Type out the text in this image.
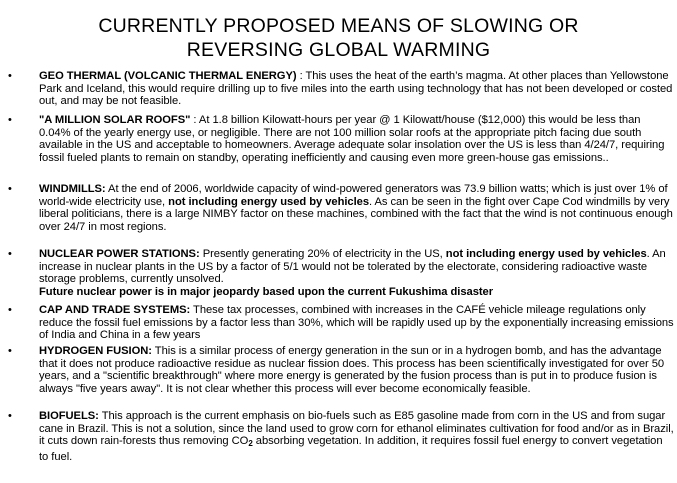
CURRENTLY PROPOSED MEANS OF SLOWING OR
REVERSING GLOBAL WARMING
• GEO THERMAL (VOLCANIC THERMAL ENERGY) : This uses the heat of the earth’s magma. At other places than Yellowstone Park and Iceland, this would require drilling up to five miles into the earth using technology that has not been developed or costed out, and may be not feasible.
• "A MILLION SOLAR ROOFS" : At 1.8 billion Kilowatt-hours per year @ 1 Kilowatt/house ($12,000) this would be less than 0.04% of the yearly energy use, or negligible. There are not 100 million solar roofs at the appropriate pitch facing due south available in the US and acceptable to homeowners. Average adequate solar insolation over the US is less than 4/24/7, requiring fossil fueled plants to remain on standby, operating inefficiently and causing even more green-house gas emissions..
• WINDMILLS: At the end of 2006, worldwide capacity of wind-powered generators was 73.9 billion watts; which is just over 1% of world-wide electricity use, not including energy used by vehicles. As can be seen in the fight over Cape Cod windmills by very liberal politicians, there is a large NIMBY factor on these machines, combined with the fact that the wind is not continuous enough over 24/7 in most regions.
• NUCLEAR POWER STATIONS: Presently generating 20% of electricity in the US, not including energy used by vehicles. An increase in nuclear plants in the US by a factor of 5/1 would not be tolerated by the electorate, considering radioactive waste storage problems, currently unsolved.
Future nuclear power is in major jeopardy based upon the current Fukushima disaster
• CAP AND TRADE SYSTEMS: These tax processes, combined with increases in the CAFÉ vehicle mileage regulations only reduce the fossil fuel emissions by a factor less than 30%, which will be rapidly used up by the exponentially increasing emissions of India and China in a few years
• HYDROGEN FUSION: This is a similar process of energy generation in the sun or in a hydrogen bomb, and has the advantage that it does not produce radioactive residue as nuclear fission does. This process has been scientifically investigated for over 50 years, and a "scientific breakthrough" where more energy is generated by the fusion process than is put in to produce fusion is always "five years away". It is not clear whether this process will ever become economically feasible.
• BIOFUELS: This approach is the current emphasis on bio-fuels such as E85 gasoline made from corn in the US and from sugar cane in Brazil. This is not a solution, since the land used to grow corn for ethanol eliminates cultivation for food and/or as in Brazil, it cuts down rain-forests thus removing $CO_2$ absorbing vegetation. In addition, it requires fossil fuel energy to convert vegetation to fuel.
